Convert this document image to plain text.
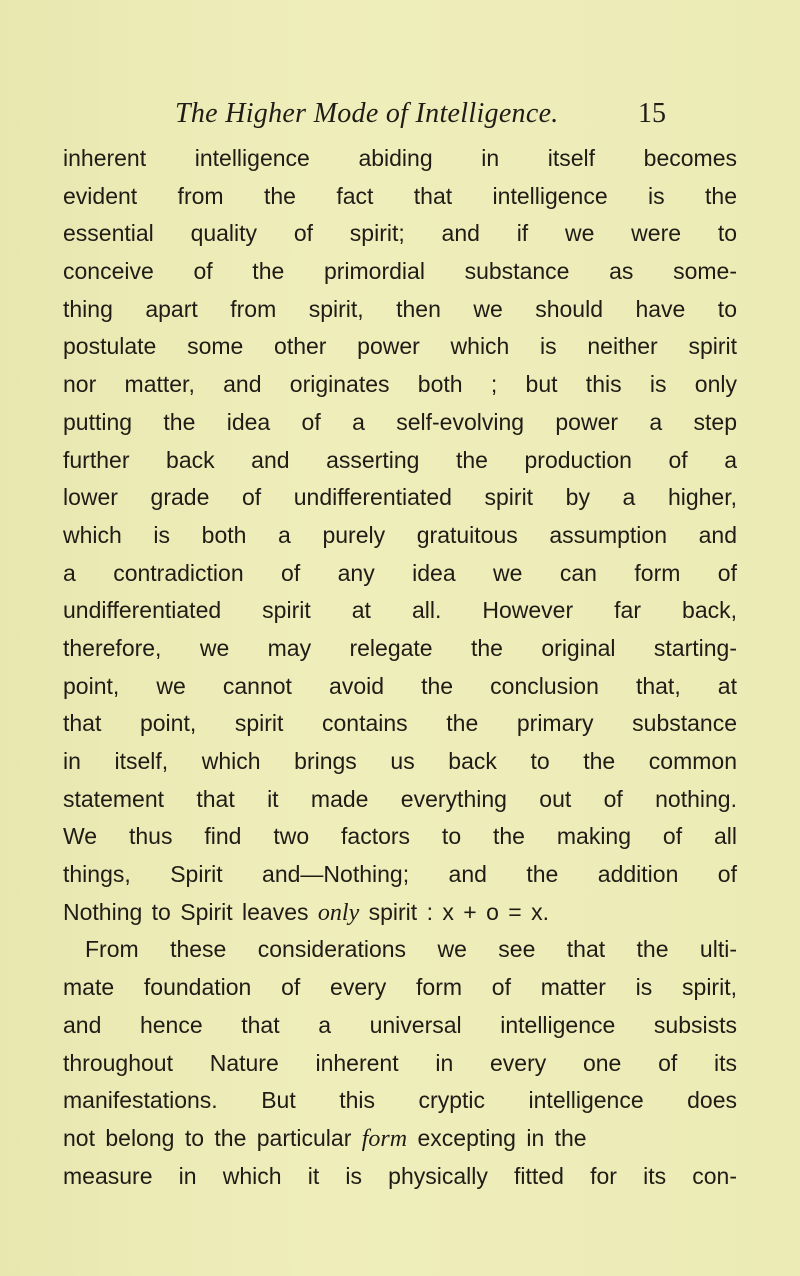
The Higher Mode of Intelligence.	15
inherent intelligence abiding in itself becomes
evident from the fact that intelligence is the
essential quality of spirit; and if we were to
conceive of the primordial substance as some-
thing apart from spirit, then we should have to
postulate some other power which is neither spirit
nor matter, and originates both ; but this is only
putting the idea of a self-evolving power a step
further back and asserting the production of a
lower grade of undifferentiated spirit by a higher,
which is both a purely gratuitous assumption and
a contradiction of any idea we can form of
undifferentiated spirit at all. However far back,
therefore, we may relegate the original starting-
point, we cannot avoid the conclusion that, at
that point, spirit contains the primary substance
in itself, which brings us back to the common
statement that it made everything out of nothing.
We thus find two factors to the making of all
things, Spirit and—Nothing; and the addition of
Nothing to Spirit leaves only spirit : x + o = x.
From these considerations we see that the ulti-
mate foundation of every form of matter is spirit,
and hence that a universal intelligence subsists
throughout Nature inherent in every one of its
manifestations. But this cryptic intelligence does
not belong to the particular form excepting in the
measure in which it is physically fitted for its con-
